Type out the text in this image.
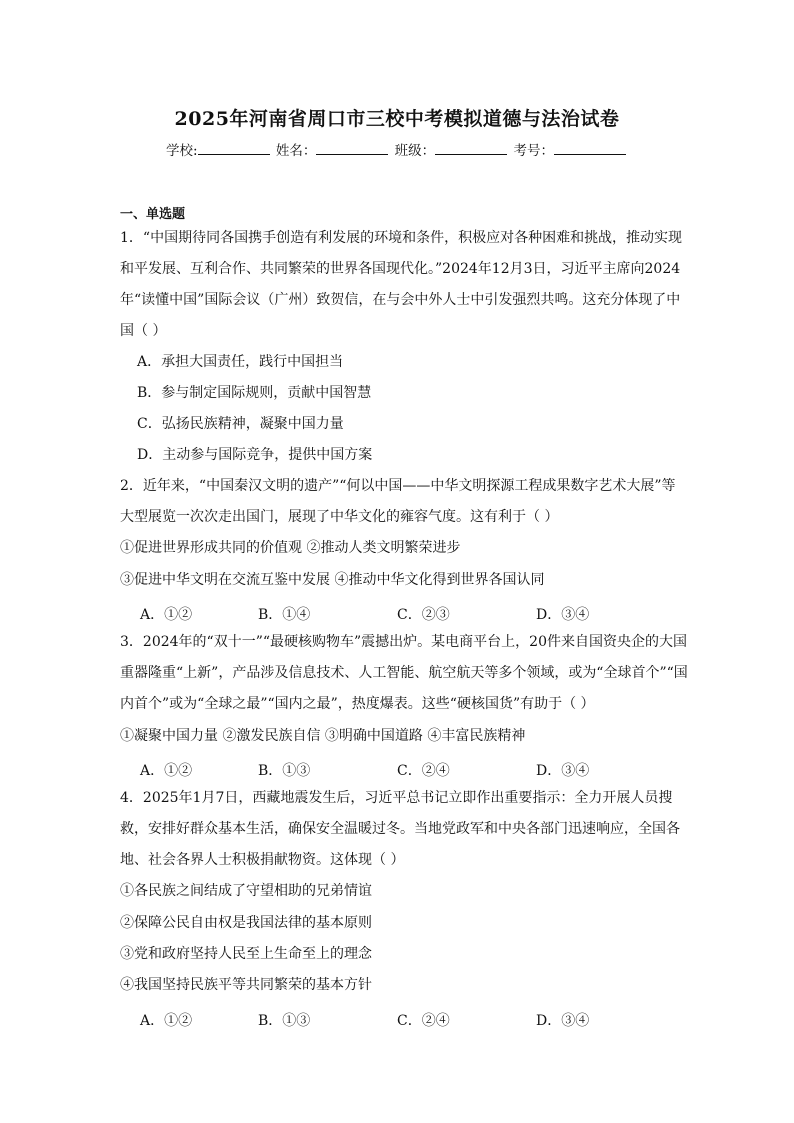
2025年河南省周口市三校中考模拟道德与法治试卷
学校:	姓名：	班级：	考号：
一、单选题
1．“中国期待同各国携手创造有利发展的环境和条件，积极应对各种困难和挑战，推动实现
和平发展、互利合作、共同繁荣的世界各国现代化。”2024年12月3日，习近平主席向2024
年“读懂中国”国际会议（广州）致贺信，在与会中外人士中引发强烈共鸣。这充分体现了中
国（ ）
A．承担大国责任，践行中国担当
B．参与制定国际规则，贡献中国智慧
C．弘扬民族精神，凝聚中国力量
D．主动参与国际竞争，提供中国方案
2．近年来，“中国秦汉文明的遗产”“何以中国——中华文明探源工程成果数字艺术大展”等
大型展览一次次走出国门，展现了中华文化的雍容气度。这有利于（ ）
①促进世界形成共同的价值观 ②推动人类文明繁荣进步
③促进中华文明在交流互鉴中发展 ④推动中华文化得到世界各国认同
A．①②	B．①④	C．②③	D．③④
3．2024年的“双十一”“最硬核购物车”震撼出炉。某电商平台上，20件来自国资央企的大国
重器隆重“上新”，产品涉及信息技术、人工智能、航空航天等多个领域，或为“全球首个”“国
内首个”或为“全球之最”“国内之最”，热度爆表。这些“硬核国货”有助于（ ）
①凝聚中国力量 ②激发民族自信 ③明确中国道路 ④丰富民族精神
A．①②	B．①③	C．②④	D．③④
4．2025年1月7日，西藏地震发生后，习近平总书记立即作出重要指示：全力开展人员搜
救，安排好群众基本生活，确保安全温暖过冬。当地党政军和中央各部门迅速响应，全国各
地、社会各界人士积极捐献物资。这体现（ ）
①各民族之间结成了守望相助的兄弟情谊
②保障公民自由权是我国法律的基本原则
③党和政府坚持人民至上生命至上的理念
④我国坚持民族平等共同繁荣的基本方针
A．①②	B．①③	C．②④	D．③④
